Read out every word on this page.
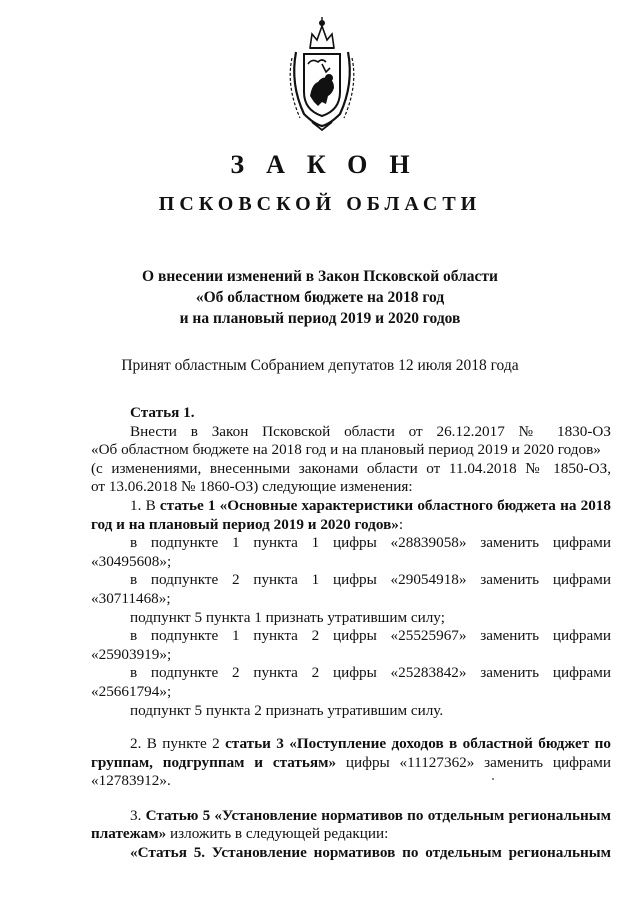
ЗАКОН
ПСКОВСКОЙ ОБЛАСТИ
О внесении изменений в Закон Псковской области
«Об областном бюджете на 2018 год
и на плановый период 2019 и 2020 годов
Принят областным Собранием депутатов 12 июля 2018 года

Статья 1.

Внести в Закон Псковской области от 26.12.2017 № 1830-ОЗ

«Об областном бюджете на 2018 год и на плановый период 2019 и 2020 годов»

(с изменениями, внесенными законами области от 11.04.2018 № 1850-ОЗ,

от 13.06.2018 № 1860-ОЗ) следующие изменения:

1. В статье 1 «Основные характеристики областного бюджета на 2018 год и на плановый период 2019 и 2020 годов»:

в подпункте 1 пункта 1 цифры «28839058» заменить цифрами

«30495608»;

в подпункте 2 пункта 1 цифры «29054918» заменить цифрами

«30711468»;

подпункт 5 пункта 1 признать утратившим силу;

в подпункте 1 пункта 2 цифры «25525967» заменить цифрами

«25903919»;

в подпункте 2 пункта 2 цифры «25283842» заменить цифрами

«25661794»;

подпункт 5 пункта 2 признать утратившим силу.

2. В пункте 2 статьи 3 «Поступление доходов в областной бюджет по группам, подгруппам и статьям» цифры «11127362» заменить цифрами «12783912».

3. Статью 5 «Установление нормативов по отдельным региональным платежам» изложить в следующей редакции:

«Статья 5. Установление нормативов по отдельным региональным
